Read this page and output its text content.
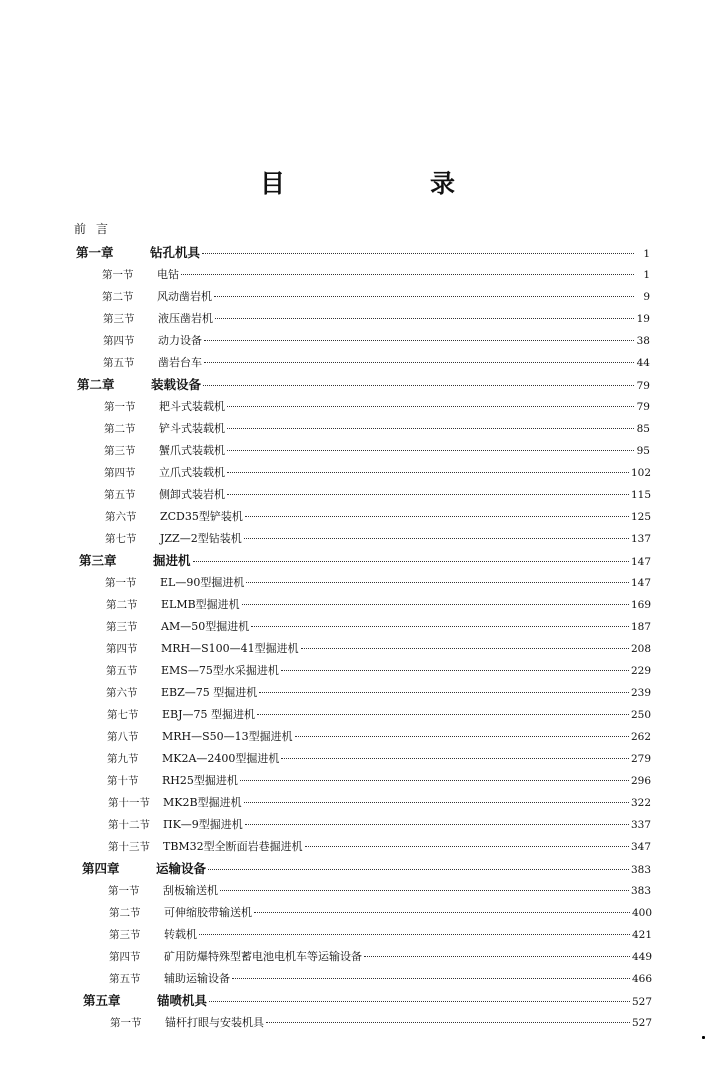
目　录
前言
第一章	钻孔机具	1
第一节	电钻	1
第二节	风动凿岩机	9
第三节	液压凿岩机	19
第四节	动力设备	38
第五节	凿岩台车	44
第二章	装载设备	79
第一节	耙斗式装载机	79
第二节	铲斗式装载机	85
第三节	蟹爪式装载机	95
第四节	立爪式装载机	102
第五节	侧卸式装岩机	115
第六节	ZCD35型铲装机	125
第七节	JZZ—2型钻装机	137
第三章	掘进机	147
第一节	EL—90型掘进机	147
第二节	ELMB型掘进机	169
第三节	AM—50型掘进机	187
第四节	MRH—S100—41型掘进机	208
第五节	EMS—75型水采掘进机	229
第六节	EBZ—75 型掘进机	239
第七节	EBJ—75 型掘进机	250
第八节	MRH—S50—13型掘进机	262
第九节	MK2A—2400型掘进机	279
第十节	RH25型掘进机	296
第十一节	MK2B型掘进机	322
第十二节	ΠK—9型掘进机	337
第十三节	TBM32型全断面岩巷掘进机	347
第四章	运输设备	383
第一节	刮板输送机	383
第二节	可伸缩胶带输送机	400
第三节	转载机	421
第四节	矿用防爆特殊型蓄电池电机车等运输设备	449
第五节	辅助运输设备	466
第五章	锚喷机具	527
第一节	锚杆打眼与安装机具	527
